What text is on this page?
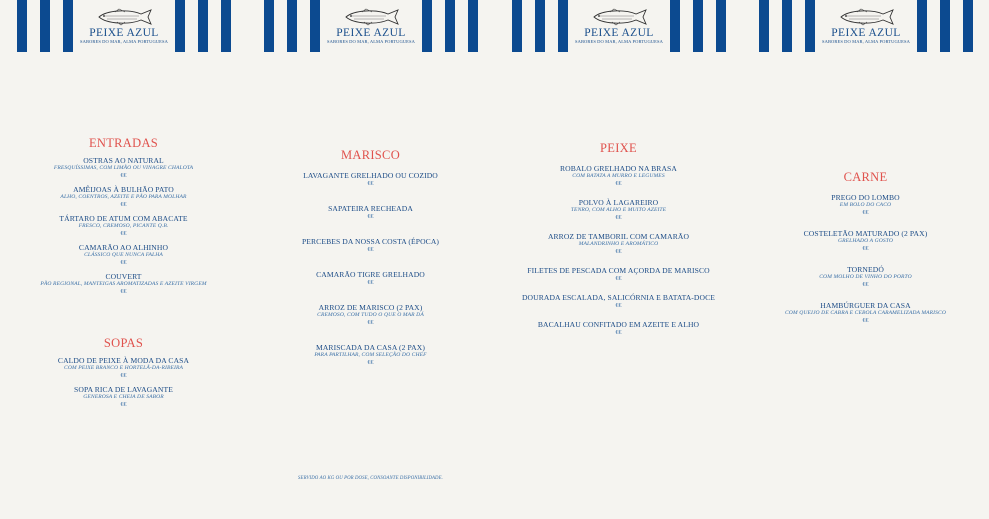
PEIXE AZUL
SABORES DO MAR, ALMA PORTUGUESA
ENTRADAS
OSTRAS AO NATURAL
FRESQUÍSSIMAS, COM LIMÃO OU VINAGRE CHALOTA
€€
AMÊIJOAS À BULHÃO PATO
ALHO, COENTROS, AZEITE E PÃO PARA MOLHAR
€€
TÁRTARO DE ATUM COM ABACATE
FRESCO, CREMOSO, PICANTE Q.B.
€€
CAMARÃO AO ALHINHO
CLÁSSICO QUE NUNCA FALHA
€€
COUVERT
PÃO REGIONAL, MANTEIGAS AROMATIZADAS E AZEITE VIRGEM
€€
SOPAS
CALDO DE PEIXE À MODA DA CASA
COM PEIXE BRANCO E HORTELÃ-DA-RIBEIRA
€€
SOPA RICA DE LAVAGANTE
GENEROSA E CHEIA DE SABOR
€€
PEIXE AZUL
SABORES DO MAR, ALMA PORTUGUESA
MARISCO
LAVAGANTE GRELHADO OU COZIDO
€€
SAPATEIRA RECHEADA
€€
PERCEBES DA NOSSA COSTA (ÉPOCA)
€€
CAMARÃO TIGRE GRELHADO
€€
ARROZ DE MARISCO (2 PAX)
CREMOSO, COM TUDO O QUE O MAR DÁ
€€
MARISCADA DA CASA (2 PAX)
PARA PARTILHAR, COM SELEÇÃO DO CHEF
€€
SERVIDO AO KG OU POR DOSE, CONSOANTE DISPONIBILIDADE.
PEIXE AZUL
SABORES DO MAR, ALMA PORTUGUESA
PEIXE
ROBALO GRELHADO NA BRASA
COM BATATA A MURRO E LEGUMES
€€
POLVO À LAGAREIRO
TENRO, COM ALHO E MUITO AZEITE
€€
ARROZ DE TAMBORIL COM CAMARÃO
MALANDRINHO E AROMÁTICO
€€
FILETES DE PESCADA COM AÇORDA DE MARISCO
€€
DOURADA ESCALADA, SALICÓRNIA E BATATA-DOCE
€€
BACALHAU CONFITADO EM AZEITE E ALHO
€€
PEIXE AZUL
SABORES DO MAR, ALMA PORTUGUESA
CARNE
PREGO DO LOMBO
EM BOLO DO CACO
€€
COSTELETÃO MATURADO (2 PAX)
GRELHADO A GOSTO
€€
TORNEDÓ
COM MOLHO DE VINHO DO PORTO
€€
HAMBÚRGUER DA CASA
COM QUEIJO DE CABRA E CEBOLA CARAMELIZADA MARISCO
€€
